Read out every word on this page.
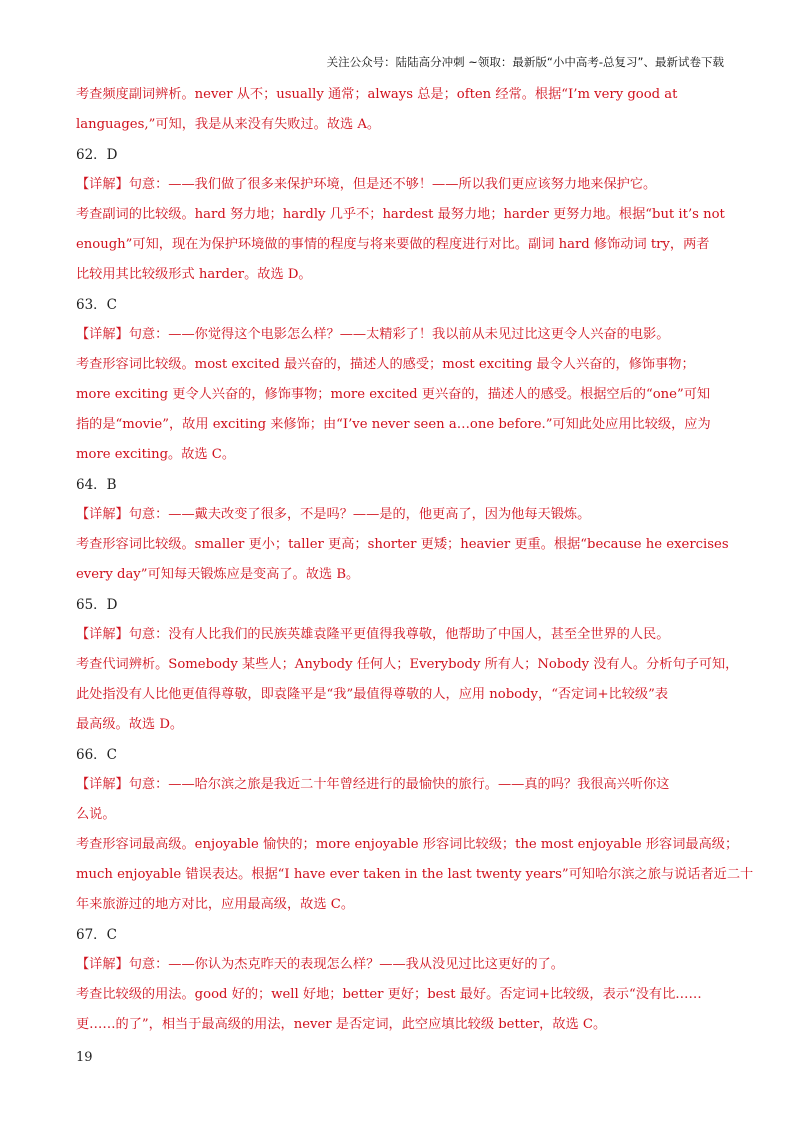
关注公众号：陆陆高分冲刺 ~领取：最新版“小中高考-总复习”、最新试卷下载
考查频度副词辨析。never 从不；usually 通常；always 总是；often 经常。根据“I’m very good at
languages,”可知，我是从来没有失败过。故选 A。
62．D
【详解】句意：——我们做了很多来保护环境，但是还不够！——所以我们更应该努力地来保护它。
考查副词的比较级。hard 努力地；hardly 几乎不；hardest 最努力地；harder 更努力地。根据“but it’s not
enough”可知，现在为保护环境做的事情的程度与将来要做的程度进行对比。副词 hard 修饰动词 try，两者
比较用其比较级形式 harder。故选 D。
63．C
【详解】句意：——你觉得这个电影怎么样？——太精彩了！我以前从未见过比这更令人兴奋的电影。
考查形容词比较级。most excited 最兴奋的，描述人的感受；most exciting 最令人兴奋的，修饰事物；
more exciting 更令人兴奋的，修饰事物；more excited 更兴奋的，描述人的感受。根据空后的“one”可知
指的是“movie”，故用 exciting 来修饰；由“I’ve never seen a…one before.”可知此处应用比较级，应为
more exciting。故选 C。
64．B
【详解】句意：——戴夫改变了很多，不是吗？——是的，他更高了，因为他每天锻炼。
考查形容词比较级。smaller 更小；taller 更高；shorter 更矮；heavier 更重。根据“because he exercises
every day”可知每天锻炼应是变高了。故选 B。
65．D
【详解】句意：没有人比我们的民族英雄袁隆平更值得我尊敬，他帮助了中国人，甚至全世界的人民。
考查代词辨析。Somebody 某些人；Anybody 任何人；Everybody 所有人；Nobody 没有人。分析句子可知，
此处指没有人比他更值得尊敬，即袁隆平是“我”最值得尊敬的人，应用 nobody，“否定词+比较级”表
最高级。故选 D。
66．C
【详解】句意：——哈尔滨之旅是我近二十年曾经进行的最愉快的旅行。——真的吗？我很高兴听你这
么说。
考查形容词最高级。enjoyable 愉快的；more enjoyable 形容词比较级；the most enjoyable 形容词最高级；
much enjoyable 错误表达。根据“I have ever taken in the last twenty years”可知哈尔滨之旅与说话者近二十
年来旅游过的地方对比，应用最高级，故选 C。
67．C
【详解】句意：——你认为杰克昨天的表现怎么样？——我从没见过比这更好的了。
考查比较级的用法。good 好的；well 好地；better 更好；best 最好。否定词+比较级，表示“没有比……
更……的了”，相当于最高级的用法，never 是否定词，此空应填比较级 better，故选 C。
19
